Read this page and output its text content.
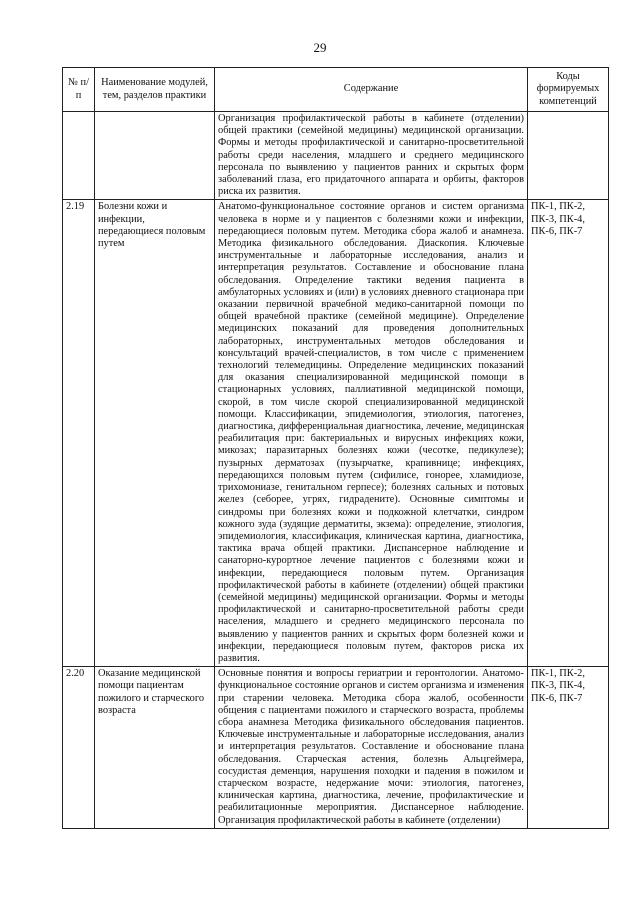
29
№ п/п	Наименование модулей, тем, разделов практики	Содержание	Коды формируемых компетенций
		Организация профилактической работы в кабинете (отделении) общей практики (семейной медицины) медицинской организации. Формы и методы профилактической и санитарно-просветительной работы среди населения, младшего и среднего медицинского персонала по выявлению у пациентов ранних и скрытых форм заболеваний глаза, его придаточного аппарата и орбиты, факторов риска их развития.	
2.19	Болезни кожи и инфекции, передающиеся половым путем	Анатомо-функциональное состояние органов и систем организма человека в норме и у пациентов с болезнями кожи и инфекции, передающиеся половым путем. Методика сбора жалоб и анамнеза. Методика физикального обследования. Диаскопия. Ключевые инструментальные и лабораторные исследования, анализ и интерпретация результатов. Составление и обоснование плана обследования. Определение тактики ведения пациента в амбулаторных условиях и (или) в условиях дневного стационара при оказании первичной врачебной медико-санитарной помощи по общей врачебной практике (семейной медицине). Определение медицинских показаний для проведения дополнительных лабораторных, инструментальных методов обследования и консультаций врачей-специалистов, в том числе с применением технологий телемедицины. Определение медицинских показаний для оказания специализированной медицинской помощи в стационарных условиях, паллиативной медицинской помощи, скорой, в том числе скорой специализированной медицинской помощи. Классификации, эпидемиология, этиология, патогенез, диагностика, дифференциальная диагностика, лечение, медицинская реабилитация при: бактериальных и вирусных инфекциях кожи, микозах; паразитарных болезнях кожи (чесотке, педикулезе); пузырных дерматозах (пузырчатке, крапивнице; инфекциях, передающихся половым путем (сифилисе, гонорее, хламидиозе, трихомониазе, генитальном герпесе); болезнях сальных и потовых желез (себорее, угрях, гидрадените). Основные симптомы и синдромы при болезнях кожи и подкожной клетчатки, синдром кожного зуда (зудящие дерматиты, экзема): определение, этиология, эпидемиология, классификация, клиническая картина, диагностика, тактика врача общей практики. Диспансерное наблюдение и санаторно-курортное лечение пациентов с болезнями кожи и инфекции, передающиеся половым путем. Организация профилактической работы в кабинете (отделении) общей практики (семейной медицины) медицинской организации. Формы и методы профилактической и санитарно-просветительной работы среди населения, младшего и среднего медицинского персонала по выявлению у пациентов ранних и скрытых форм болезней кожи и инфекции, передающиеся половым путем, факторов риска их развития.	ПК-1, ПК-2, ПК-3, ПК-4, ПК-6, ПК-7
2.20	Оказание медицинской помощи пациентам пожилого и старческого возраста	Основные понятия и вопросы гериатрии и геронтологии. Анатомо-функциональное состояние органов и систем организма и изменения при старении человека. Методика сбора жалоб, особенности общения с пациентами пожилого и старческого возраста, проблемы сбора анамнеза Методика физикального обследования пациентов. Ключевые инструментальные и лабораторные исследования, анализ и интерпретация результатов. Составление и обоснование плана обследования. Старческая астения, болезнь Альцгеймера, сосудистая деменция, нарушения походки и падения в пожилом и старческом возрасте, недержание мочи: этиология, патогенез, клиническая картина, диагностика, лечение, профилактические и реабилитационные мероприятия. Диспансерное наблюдение. Организация профилактической работы в кабинете (отделении)	ПК-1, ПК-2, ПК-3, ПК-4, ПК-6, ПК-7
